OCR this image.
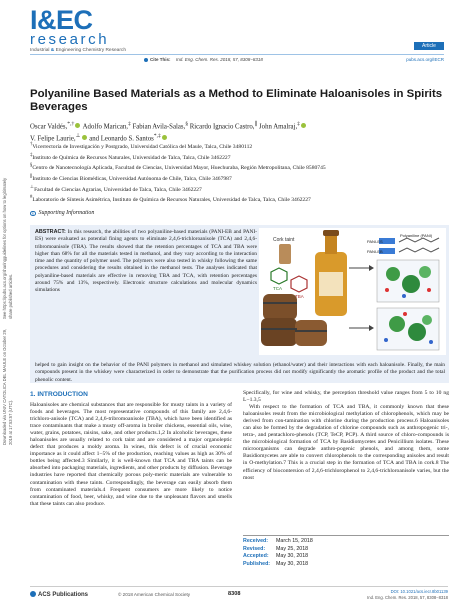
Downloaded via UNIV CATOLICA DEL MAULE on October 29, 2019 at 17:53:57 (UTC).
See https://pubs.acs.org/sharingguidelines for options on how to legitimately share published articles.
I&EC
research
Industrial & Engineering Chemistry Research
Article
Cite This: Ind. Eng. Chem. Res. 2018, 57, 8308−8318	pubs.acs.org/IECR
Polyaniline Based Materials as a Method to Eliminate Haloanisoles in Spirits Beverages
Oscar Valdés,*,† Adolfo Marican,‡ Fabian Avila-Salas,§ Ricardo Ignacio Castro,∥ John Amalraj,‡
V. Felipe Laurie,⊥ and Leonardo S. Santos*,‡
†Vicerrectoría de Investigación y Postgrado, Universidad Católica del Maule, Talca, Chile 3480112
‡Instituto de Química de Recursos Naturales, Universidad de Talca, Talca, Chile 3462227
§Centro de Nanotecnología Aplicada, Facultad de Ciencias, Universidad Mayor, Huechuraba, Región Metropolitana, Chile 8580745
∥Instituto de Ciencias Biomédicas, Universidad Autónoma de Chile, Talca, Chile 3467987
⊥Facultad de Ciencias Agrarias, Universidad de Talca, Talca, Chile 3462227
#Laboratorio de Síntesis Asimétrica, Instituto de Química de Recursos Naturales, Universidad de Talca, Talca, Chile 3462227
S Supporting Information

ABSTRACT: In this research, the abilities of two polyaniline-based materials (PANI-EB and PANI-ES) were evaluated as potential fining agents to eliminate 2,4,6-trichloroanisole (TCA) and 2,4,6-tribromoanisole (TBA). The results showed that the retention percentages of TCA and TBA were higher than 68% for all the materials tested in methanol, and they vary according to the interaction time and the quantity of polymer used. The polymers were also tested in whisky following the same procedures and considering the results obtained in the methanol tests. The analyses indicated that polyaniline-based materials are effective in removing TBA and TCA, with retention percentages around 75% and 13%, respectively. Electronic structure calculations and molecular dynamics simulations

Cork taint
TCA
TBA
PANI-ES
PANI-EB
Polyaniline (PANI)

helped to gain insight on the behavior of the PANI polymers in methanol and simulated whiskey solution (ethanol/water) and their interactions with each haloanisole. Finally, the main compounds present in the whiskey were characterized in order to demonstrate that the purification process did not modify significantly the aromatic profile of the product and the total phenolic content.

1. INTRODUCTION

Haloanisoles are chemical substances that are responsible for musty taints in a variety of foods and beverages. The most representative compounds of this family are 2,4,6-trichloro-anisole (TCA) and 2,4,6-tribromoanisole (TBA), which have been identified as trace contaminants that make a musty off-aroma in broiler chickens, essential oils, wine, water, grains, potatoes, raisins, sake, and other products.1,2 In alcoholic beverages, these haloanisoles are usually related to cork taint and are considered a major organoleptic defect that produces a moldy aroma. In wines, this defect is of crucial economic importance as it could affect 1−5% of the production, reaching values as high as 30% of bottles being affected.3 Similarly, it is well-known that TCA and TBA taints can be absorbed into packaging materials, ingredients, and other products by diffusion. Beverage industries have reported that chemically porous poly-meric materials are vulnerable to contamination with these taints. Correspondingly, the beverage can easily absorb them from contaminated materials.4 Frequent consumers are more likely to notice contamination of food, beer, whisky, and wine due to the unpleasant flavors and smells that these taints can also produce.

Specifically, for wine and whisky, the perception threshold value ranges from 5 to 10 ng L−1.3,5

With respect to the formation of TCA and TBA, it commonly known that these haloanisoles result from the microbiological methylation of chlorophenols, which may be derived from con-tamination with chlorine during the production process.6 Haloanisoles can also be formed by the degradation of chlorine compounds such as anthropogenic tri-, tetra-, and pentachloro-phenols (TCP, TeCP, PCP). A third source of chloro-compounds is the microbiological formation of TCA by Basidiomycetes and Penicillium isolates. These microorganisms can degrade anthro-pogenic phenols, and among them, some Basidiomycetes are able to convert chlorophenols to the corresponding anisoles and result in O-methylation.7 This is a crucial step in the formation of TCA and TBA in cork.8 The efficiency of biocontersion of 2,4,6-trichlorophenol to 2,4,6-trichloroanisole varies, but the most

Received: March 15, 2018
Revised: May 25, 2018
Accepted: May 30, 2018
Published: May 30, 2018
ACS Publications	© 2018 American Chemical Society	8308	DOI: 10.1021/acs.iecr.8b01139
Ind. Eng. Chem. Res. 2018, 57, 8308−8318
